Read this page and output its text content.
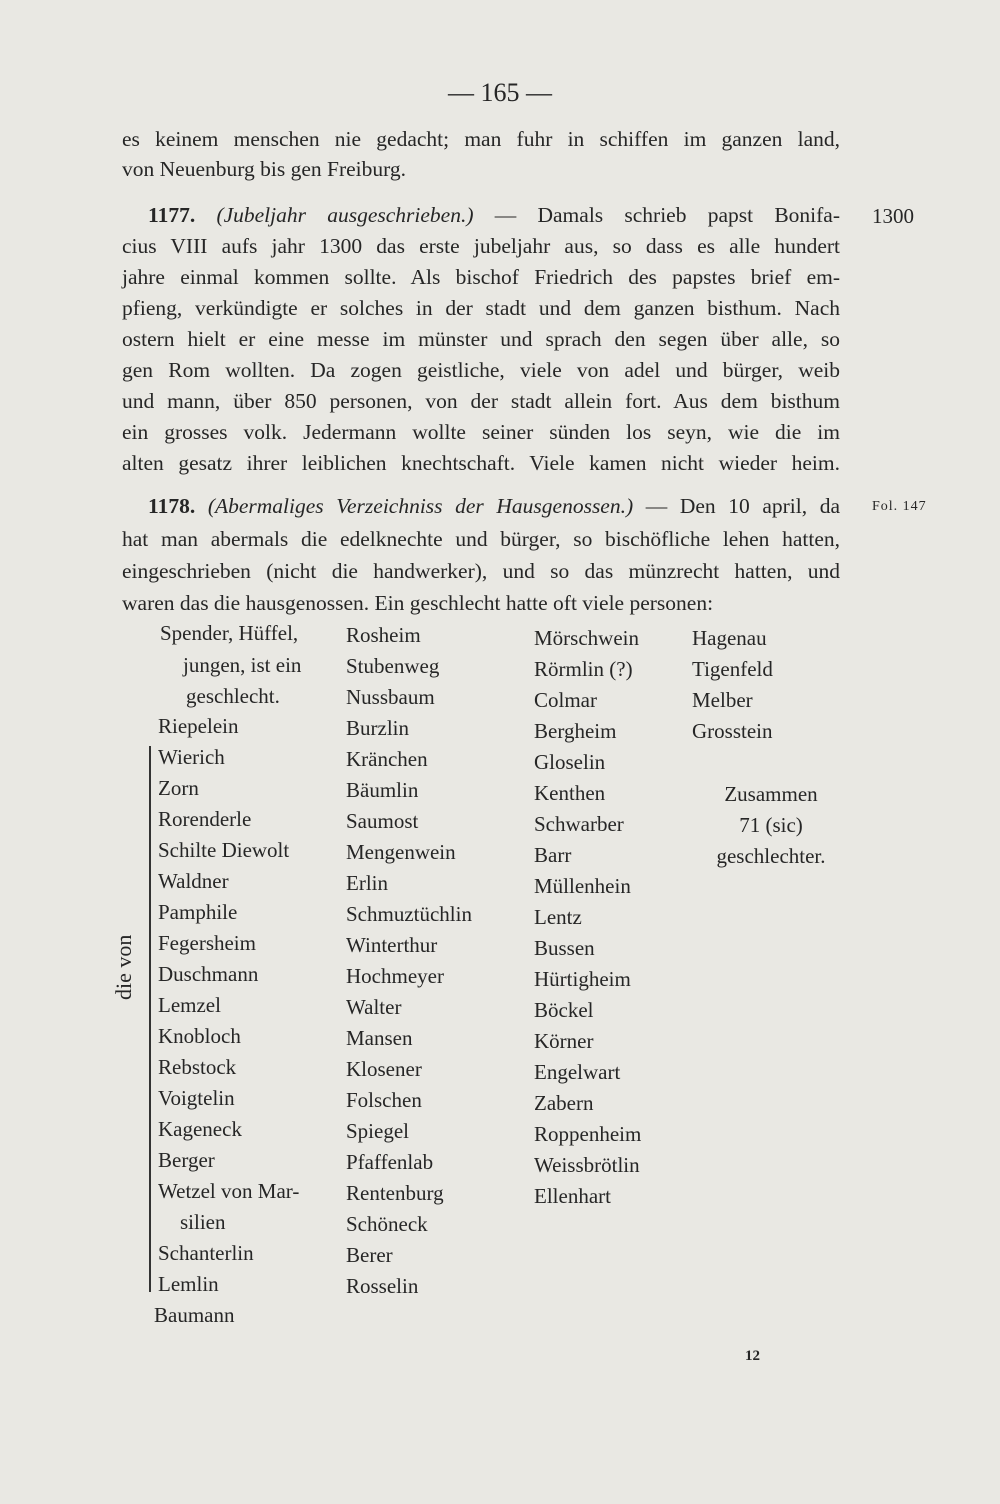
— 165 —
es keinem menschen nie gedacht; man fuhr in schiffen im ganzen land,
von Neuenburg bis gen Freiburg.
1177. (Jubeljahr ausgeschrieben.) — Damals schrieb papst Bonifa-
cius VIII aufs jahr 1300 das erste jubeljahr aus, so dass es alle hundert
jahre einmal kommen sollte. Als bischof Friedrich des papstes brief em-
pfieng, verkündigte er solches in der stadt und dem ganzen bisthum. Nach
ostern hielt er eine messe im münster und sprach den segen über alle, so
gen Rom wollten. Da zogen geistliche, viele von adel und bürger, weib
und mann, über 850 personen, von der stadt allein fort. Aus dem bisthum
ein grosses volk. Jedermann wollte seiner sünden los seyn, wie die im
alten gesatz ihrer leiblichen knechtschaft. Viele kamen nicht wieder heim.
1178. (Abermaliges Verzeichniss der Hausgenossen.) — Den 10 april, da
hat man abermals die edelknechte und bürger, so bischöfliche lehen hatten,
eingeschrieben (nicht die handwerker), und so das münzrecht hatten, und
waren das die hausgenossen. Ein geschlecht hatte oft viele personen:
1300
Fol. 147
Spender, Hüffel,
jungen, ist ein
geschlecht.
Riepelein
Wierich
Zorn
Rorenderle
Schilte Diewolt
Waldner
Pamphile
Fegersheim
Duschmann
Lemzel
Knobloch
Rebstock
Voigtelin
Kageneck
Berger
Wetzel von Mar-
silien
Schanterlin
Lemlin
Baumann
Rosheim
Stubenweg
Nussbaum
Burzlin
Kränchen
Bäumlin
Saumost
Mengenwein
Erlin
Schmuztüchlin
Winterthur
Hochmeyer
Walter
Mansen
Klosener
Folschen
Spiegel
Pfaffenlab
Rentenburg
Schöneck
Berer
Rosselin
Mörschwein
Rörmlin (?)
Colmar
Bergheim
Gloselin
Kenthen
Schwarber
Barr
Müllenhein
Lentz
Bussen
Hürtigheim
Böckel
Körner
Engelwart
Zabern
Roppenheim
Weissbrötlin
Ellenhart
Hagenau
Tigenfeld
Melber
Grosstein
Zusammen
71 (sic)
geschlechter.
die von
12
